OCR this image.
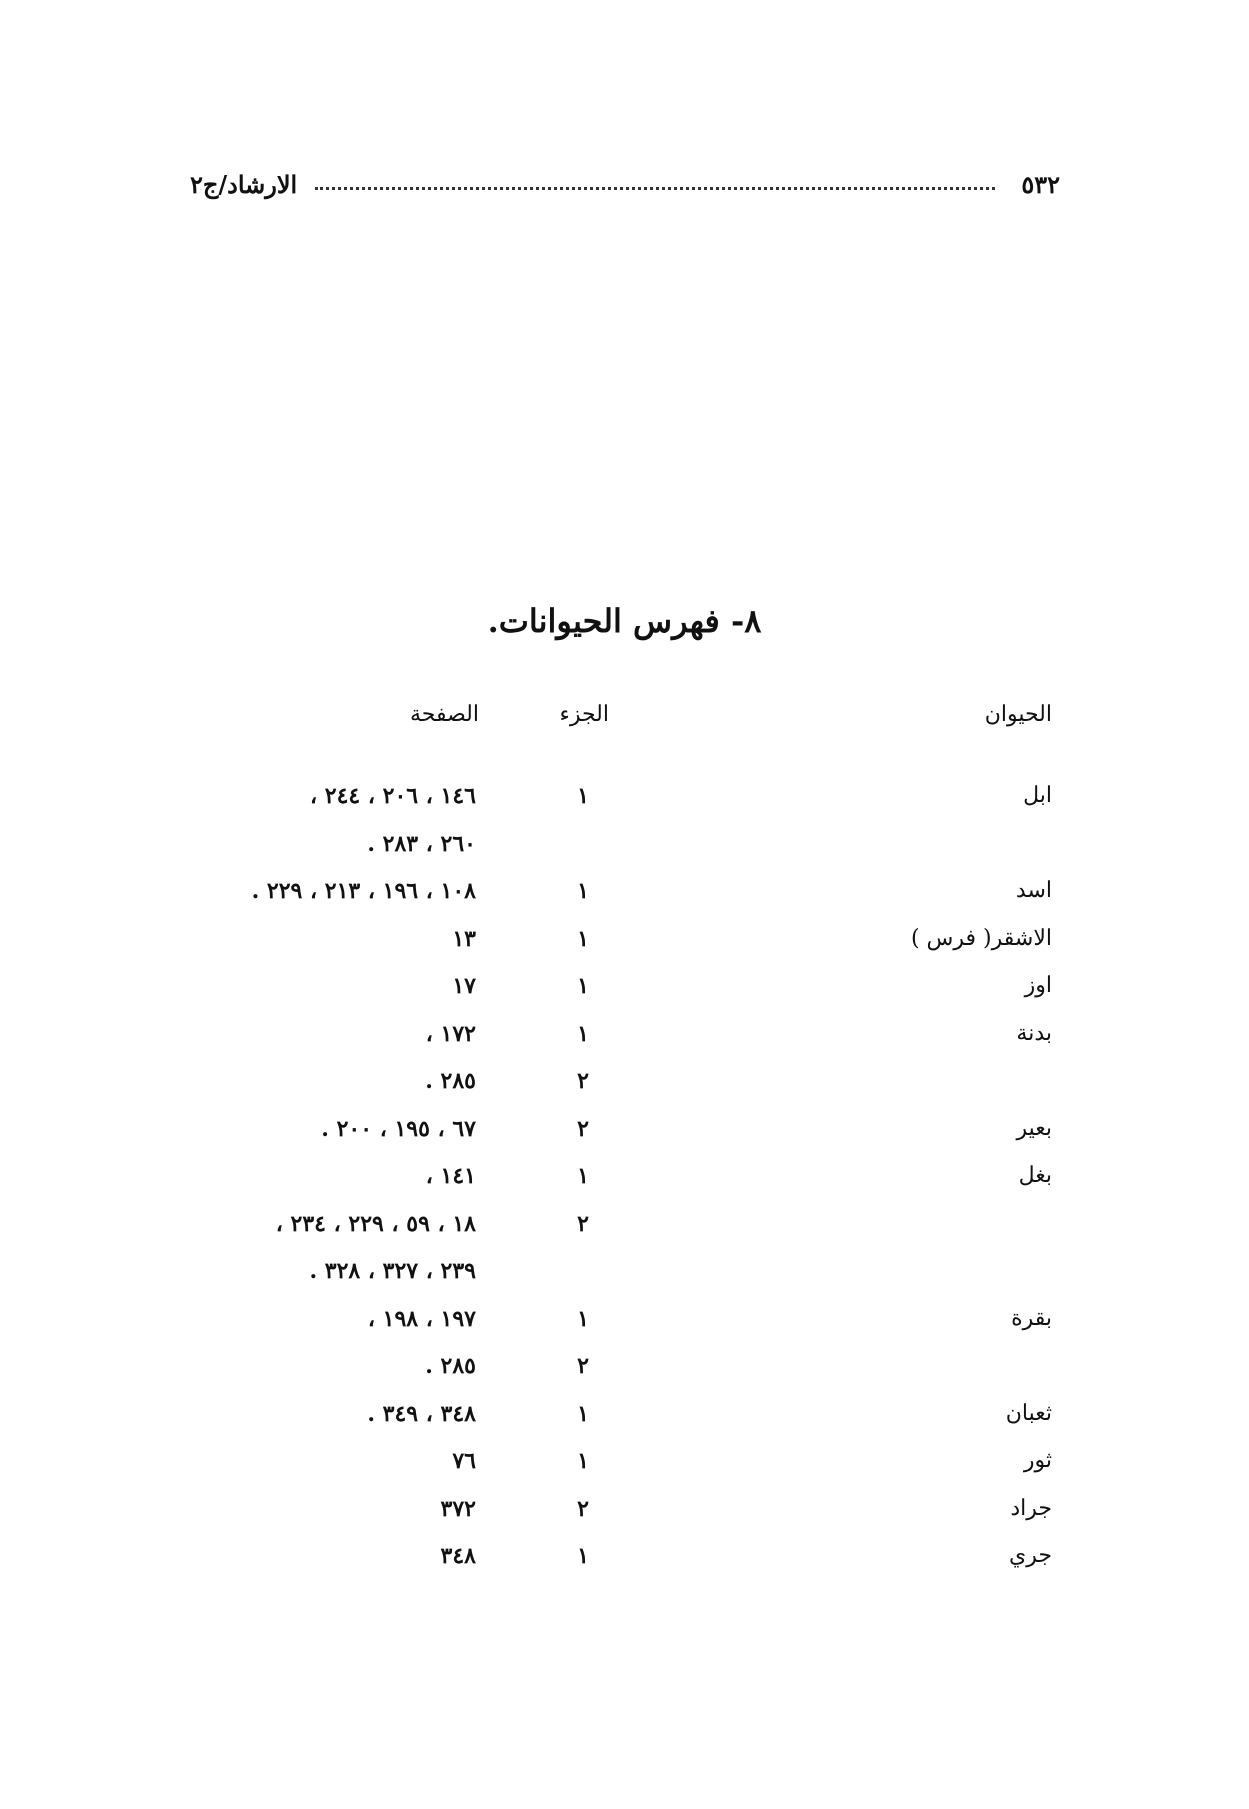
٥٣٢
الارشاد/ج٢
٨- فهرس الحيوانات.
الحيوان
الجزء
الصفحة
ابل
١
١٤٦ ، ٢٠٦ ، ٢٤٤ ،
٢٦٠ ، ٢٨٣ .
اسد
١
١٠٨ ، ١٩٦ ، ٢١٣ ، ٢٢٩ .
الاشقر( فرس )
١
١٣
اوز
١
١٧
بدنة
١
١٧٢ ،
٢
٢٨٥ .
بعير
٢
٦٧ ، ١٩٥ ، ٢٠٠ .
بغل
١
١٤١ ،
٢
١٨ ، ٥٩ ، ٢٢٩ ، ٢٣٤ ،
٢٣٩ ، ٣٢٧ ، ٣٢٨ .
بقرة
١
١٩٧ ، ١٩٨ ،
٢
٢٨٥ .
ثعبان
١
٣٤٨ ، ٣٤٩ .
ثور
١
٧٦
جراد
٢
٣٧٢
جري
١
٣٤٨
